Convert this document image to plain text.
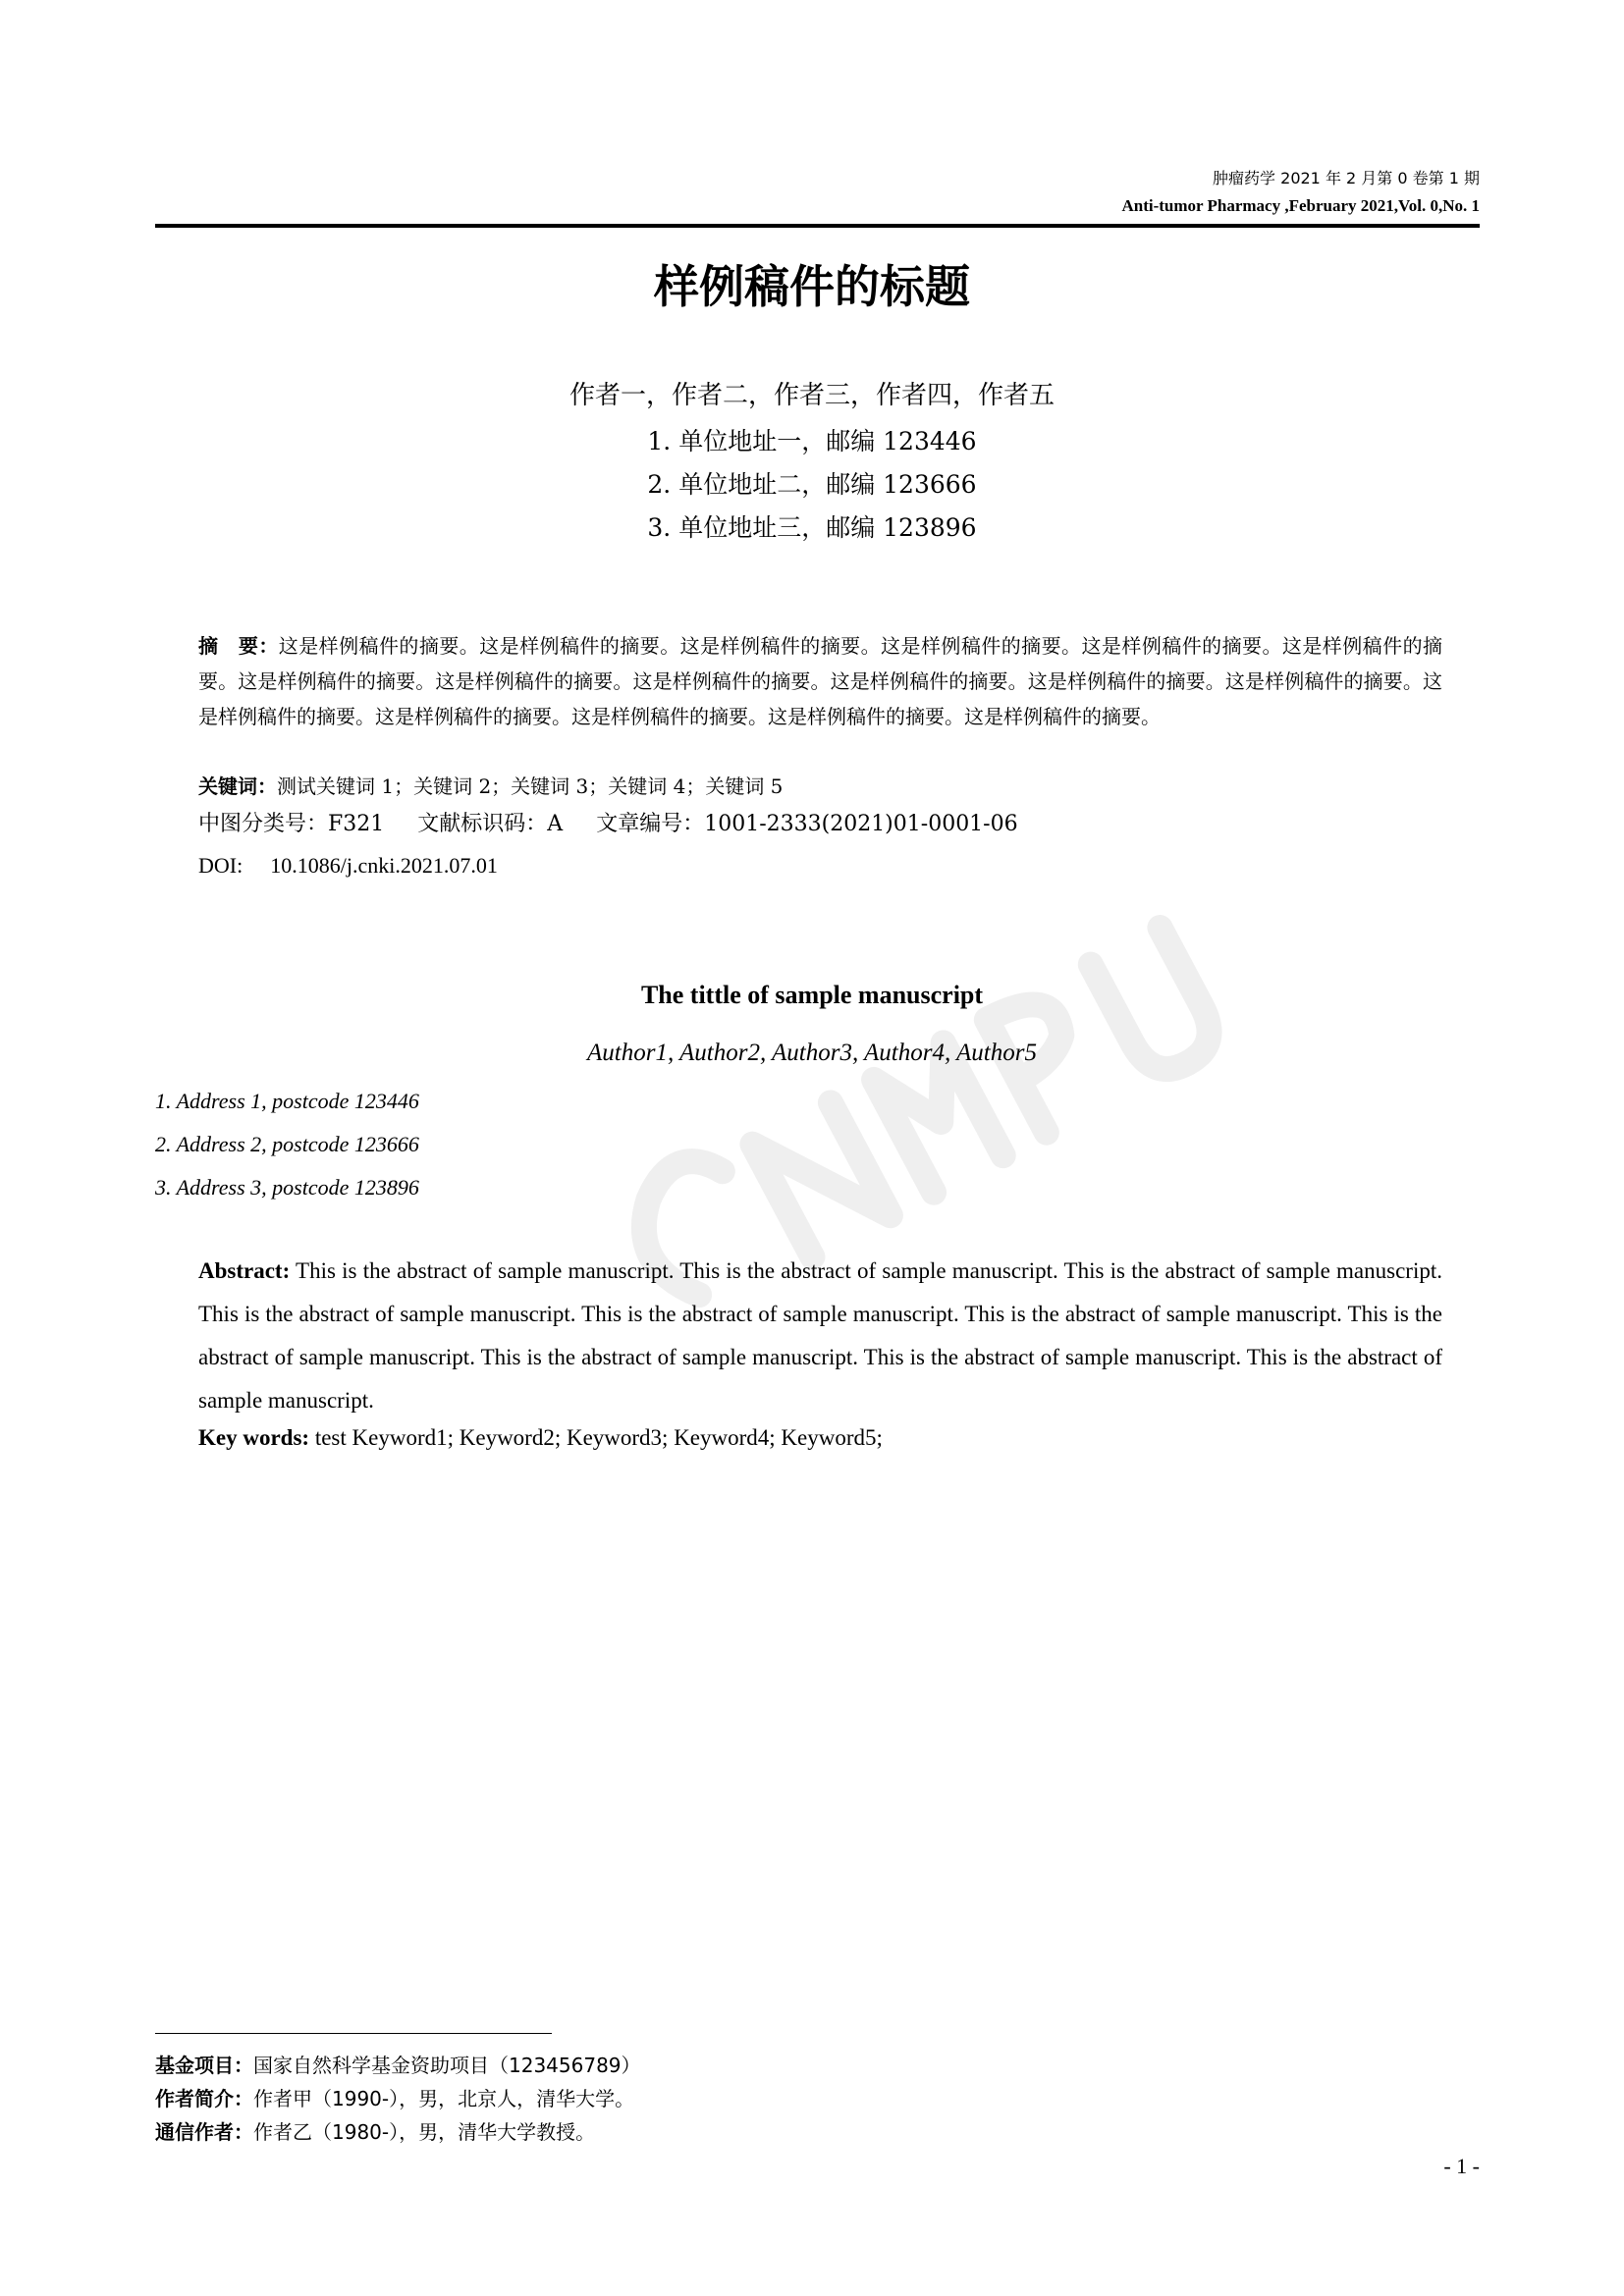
肿瘤药学 2021 年 2 月第 0 卷第 1 期
Anti-tumor Pharmacy ,February 2021,Vol. 0,No. 1
样例稿件的标题
作者一，作者二，作者三，作者四，作者五
1. 单位地址一，邮编 123446
2. 单位地址二，邮编 123666
3. 单位地址三，邮编 123896
摘　要：这是样例稿件的摘要。这是样例稿件的摘要。这是样例稿件的摘要。这是样例稿件的摘要。这是样例稿件的摘要。这是样例稿件的摘要。这是样例稿件的摘要。这是样例稿件的摘要。这是样例稿件的摘要。这是样例稿件的摘要。这是样例稿件的摘要。这是样例稿件的摘要。这是样例稿件的摘要。这是样例稿件的摘要。这是样例稿件的摘要。这是样例稿件的摘要。这是样例稿件的摘要。
关键词：测试关键词 1；关键词 2；关键词 3；关键词 4；关键词 5
中图分类号：F321 文献标识码：A 文章编号：1001-2333(2021)01-0001-06
DOI: 10.1086/j.cnki.2021.07.01
The tittle of sample manuscript
Author1, Author2, Author3, Author4, Author5
1. Address 1, postcode 123446
2. Address 2, postcode 123666
3. Address 3, postcode 123896
Abstract: This is the abstract of sample manuscript. This is the abstract of sample manuscript. This is the abstract of sample manuscript. This is the abstract of sample manuscript. This is the abstract of sample manuscript. This is the abstract of sample manuscript. This is the abstract of sample manuscript. This is the abstract of sample manuscript. This is the abstract of sample manuscript. This is the abstract of sample manuscript.
Key words: test Keyword1; Keyword2; Keyword3; Keyword4; Keyword5;
基金项目：国家自然科学基金资助项目（123456789）
作者简介：作者甲（1990-），男，北京人，清华大学。
通信作者：作者乙（1980-），男，清华大学教授。
- 1 -
